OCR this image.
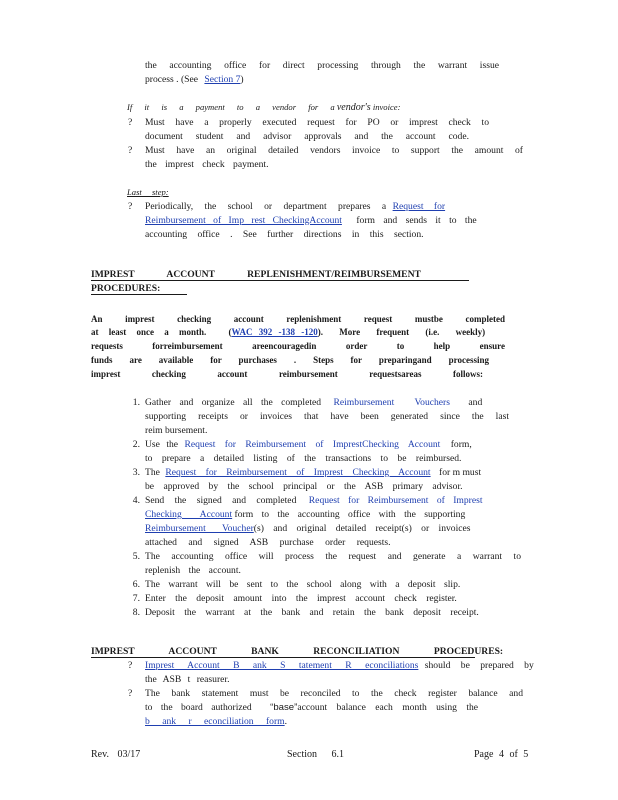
the accounting office for direct processing through the warrant issue
process . (See Section 7)
If it is a payment to a vendor for a vendor's invoice:
? Must have a properly executed request for PO or imprest check to
document student and advisor approvals and the account code.
? Must have an original detailed vendors invoice to support the amount of
the imprest check payment.
Last step:
? Periodically, the school or department prepares a Request for
Reimbursement of Imp rest CheckingAccount form and sends it to the
accounting office . See further directions in this section.
IMPREST ACCOUNT REPLENISHMENT/REIMBURSEMENT
PROCEDURES:
An imprest checking account replenishment request mustbe completed
at least once a month. (WAC 392 -138 -120). More frequent (i.e. weekly)
requests forreimbursement areencouragedin order to help ensure
funds are available for purchases . Steps for preparingand processing
imprest checking account reimbursement requestsareas follows:
1. Gather and organize all the completed Reimbursement Vouchers and
supporting receipts or invoices that have been generated since the last
reim bursement.
2. Use the Request for Reimbursement of ImprestChecking Account form,
to prepare a detailed listing of the transactions to be reimbursed.
3. The Request for Reimbursement of Imprest Checking Account for m must
be approved by the school principal or the ASB primary advisor.
4. Send the signed and completed Request for Reimbursement of Imprest
Checking Account form to the accounting office with the supporting
Reimbursement Voucher(s) and original detailed receipt(s) or invoices
attached and signed ASB purchase order requests.
5. The accounting office will process the request and generate a warrant to
replenish the account.
6. The warrant will be sent to the school along with a deposit slip.
7. Enter the deposit amount into the imprest account check register.
8. Deposit the warrant at the bank and retain the bank deposit receipt.
IMPREST ACCOUNT BANK RECONCILIATION PROCEDURES:
? Imprest Account B ank S tatement R econciliations should be prepared by
the ASB t reasurer.
? The bank statement must be reconciled to the check register balance and
to the board authorized “base”account balance each month using the
b ank r econciliation form.
Rev. 03/17	Section 6.1	Page 4 of 5
